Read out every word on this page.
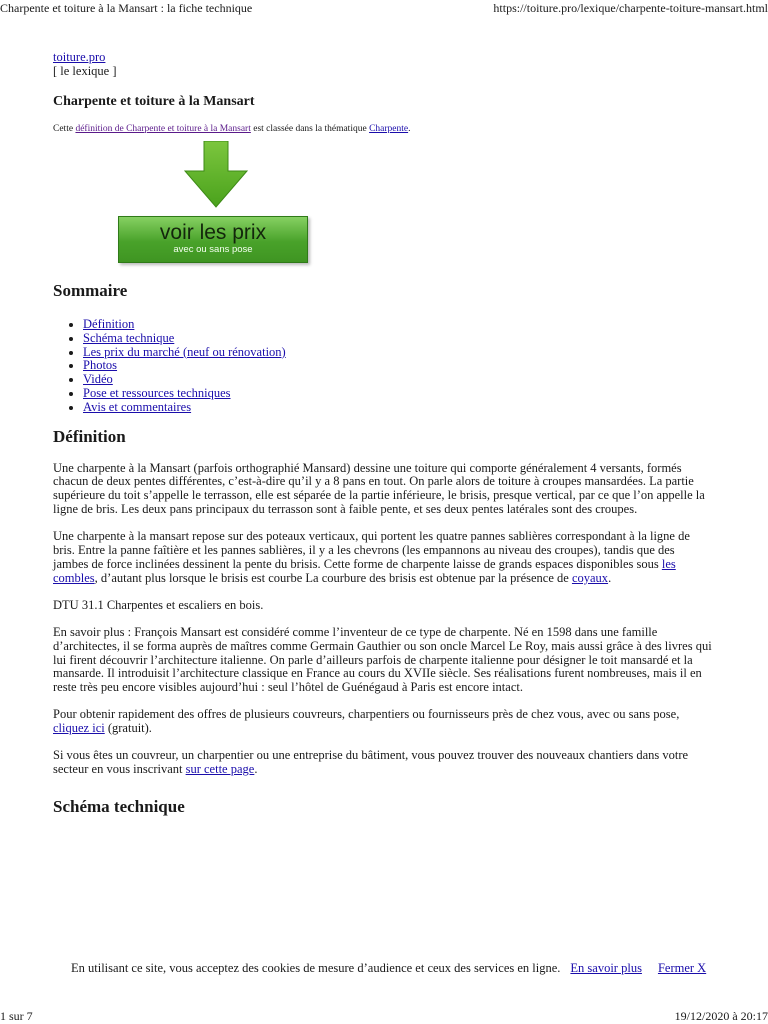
Charpente et toiture à la Mansart : la fiche technique	https://toiture.pro/lexique/charpente-toiture-mansart.html
toiture.pro
[ le lexique ]
Charpente et toiture à la Mansart
Cette définition de Charpente et toiture à la Mansart est classée dans la thématique Charpente.
voir les prix
avec ou sans pose
Sommaire
• Définition
• Schéma technique
• Les prix du marché (neuf ou rénovation)
• Photos
• Vidéo
• Pose et ressources techniques
• Avis et commentaires
Définition

Une charpente à la Mansart (parfois orthographié Mansard) dessine une toiture qui comporte généralement 4 versants, formés chacun de deux pentes différentes, c’est-à-dire qu’il y a 8 pans en tout. On parle alors de toiture à croupes mansardées. La partie supérieure du toit s’appelle le terrasson, elle est séparée de la partie inférieure, le brisis, presque vertical, par ce que l’on appelle la ligne de bris. Les deux pans principaux du terrasson sont à faible pente, et ses deux pentes latérales sont des croupes.

Une charpente à la mansart repose sur des poteaux verticaux, qui portent les quatre pannes sablières correspondant à la ligne de bris. Entre la panne faîtière et les pannes sablières, il y a les chevrons (les empannons au niveau des croupes), tandis que des jambes de force inclinées dessinent la pente du brisis. Cette forme de charpente laisse de grands espaces disponibles sous les combles, d’autant plus lorsque le brisis est courbe La courbure des brisis est obtenue par la présence de coyaux.

DTU 31.1 Charpentes et escaliers en bois.

En savoir plus : François Mansart est considéré comme l’inventeur de ce type de charpente. Né en 1598 dans une famille d’architectes, il se forma auprès de maîtres comme Germain Gauthier ou son oncle Marcel Le Roy, mais aussi grâce à des livres qui lui firent découvrir l’architecture italienne. On parle d’ailleurs parfois de charpente italienne pour désigner le toit mansardé et la mansarde. Il introduisit l’architecture classique en France au cours du XVIIe siècle. Ses réalisations furent nombreuses, mais il en reste très peu encore visibles aujourd’hui : seul l’hôtel de Guénégaud à Paris est encore intact.

Pour obtenir rapidement des offres de plusieurs couvreurs, charpentiers ou fournisseurs près de chez vous, avec ou sans pose, cliquez ici (gratuit).

Si vous êtes un couvreur, un charpentier ou une entreprise du bâtiment, vous pouvez trouver des nouveaux chantiers dans votre secteur en vous inscrivant sur cette page.

Schéma technique
En utilisant ce site, vous acceptez des cookies de mesure d’audience et ceux des services en ligne. En savoir plus Fermer X
1 sur 7	19/12/2020 à 20:17
